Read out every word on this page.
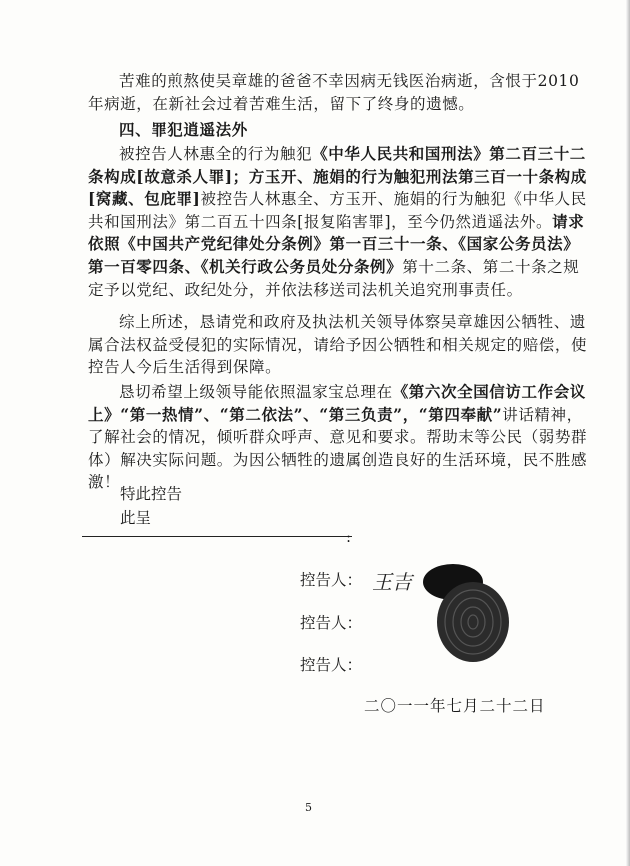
苦难的煎熬使吴章雄的爸爸不幸因病无钱医治病逝，含恨于2010年病逝，在新社会过着苦难生活，留下了终身的遗憾。

四、罪犯逍遥法外

被控告人林惠全的行为触犯《中华人民共和国刑法》第二百三十二条构成[故意杀人罪]；方玉开、施娟的行为触犯刑法第三百一十条构成[窝藏、包庇罪]被控告人林惠全、方玉开、施娟的行为触犯《中华人民共和国刑法》第二百五十四条[报复陷害罪]，至今仍然逍遥法外。请求依照《中国共产党纪律处分条例》第一百三十一条、《国家公务员法》第一百零四条、《机关行政公务员处分条例》第十二条、第二十条之规定予以党纪、政纪处分，并依法移送司法机关追究刑事责任。

综上所述，恳请党和政府及执法机关领导体察吴章雄因公牺牲、遗属合法权益受侵犯的实际情况，请给予因公牺牲和相关规定的赔偿，使控告人今后生活得到保障。

恳切希望上级领导能依照温家宝总理在《第六次全国信访工作会议上》“第一热情”、“第二依法”、“第三负责”，“第四奉献”讲话精神，了解社会的情况，倾听群众呼声、意见和要求。帮助末等公民（弱势群体）解决实际问题。为因公牺牲的遗属创造良好的生活环境，民不胜感激！

特此控告
此呈
:
控告人：
控告人：
控告人：
王吉
二〇一一年七月二十二日
5
